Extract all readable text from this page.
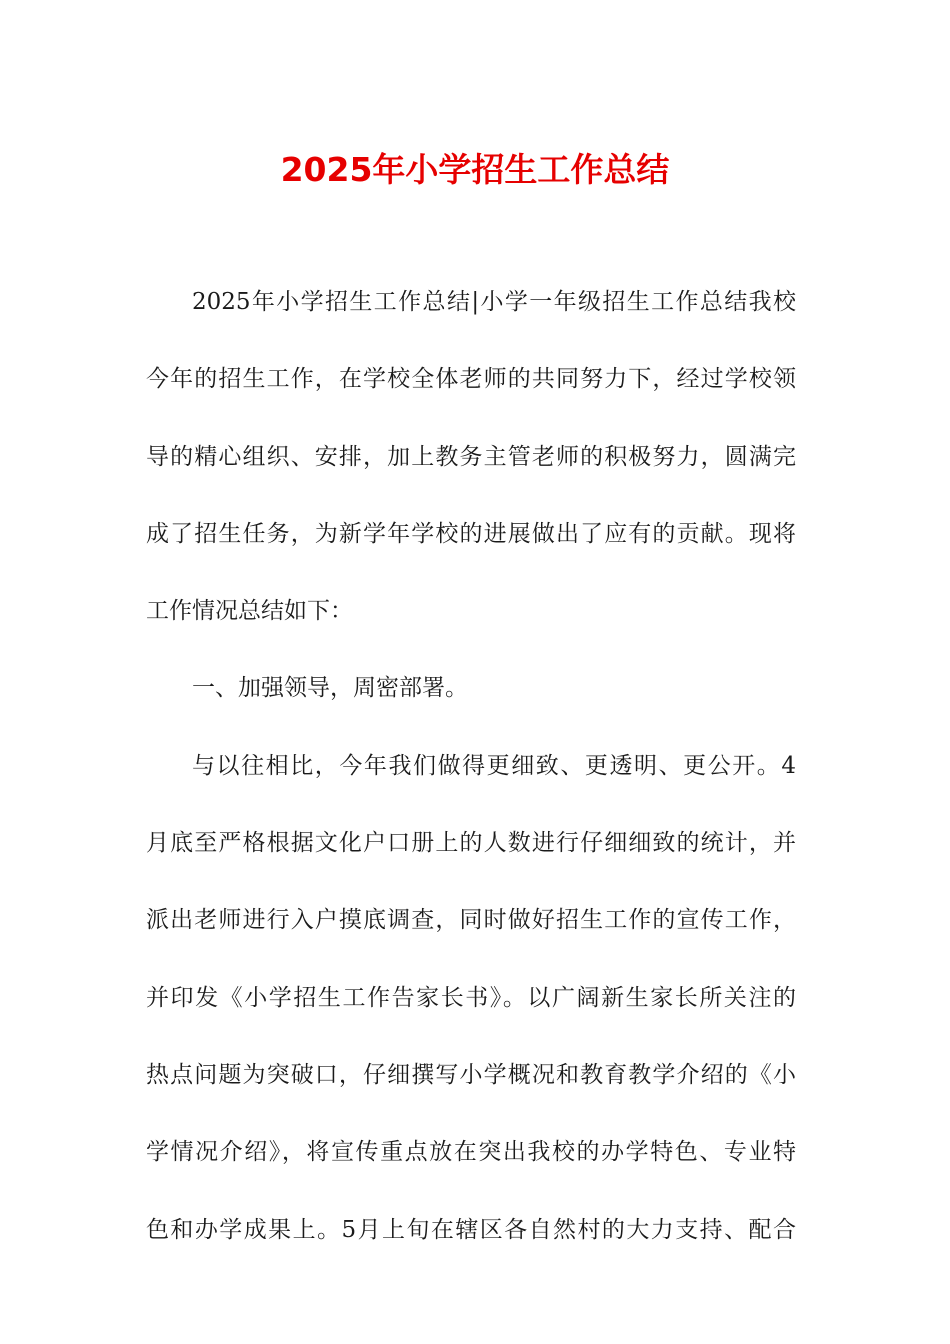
2025年小学招生工作总结

2025年小学招生工作总结|小学一年级招生工作总结我校

今年的招生工作，在学校全体老师的共同努力下，经过学校领

导的精心组织、安排，加上教务主管老师的积极努力，圆满完

成了招生任务，为新学年学校的进展做出了应有的贡献。现将

工作情况总结如下：

一、加强领导，周密部署。

与以往相比，今年我们做得更细致、更透明、更公开。4

月底至严格根据文化户口册上的人数进行仔细细致的统计，并

派出老师进行入户摸底调查，同时做好招生工作的宣传工作，

并印发《小学招生工作告家长书》。以广阔新生家长所关注的

热点问题为突破口，仔细撰写小学概况和教育教学介绍的《小

学情况介绍》，将宣传重点放在突出我校的办学特色、专业特

色和办学成果上。5月上旬在辖区各自然村的大力支持、配合
